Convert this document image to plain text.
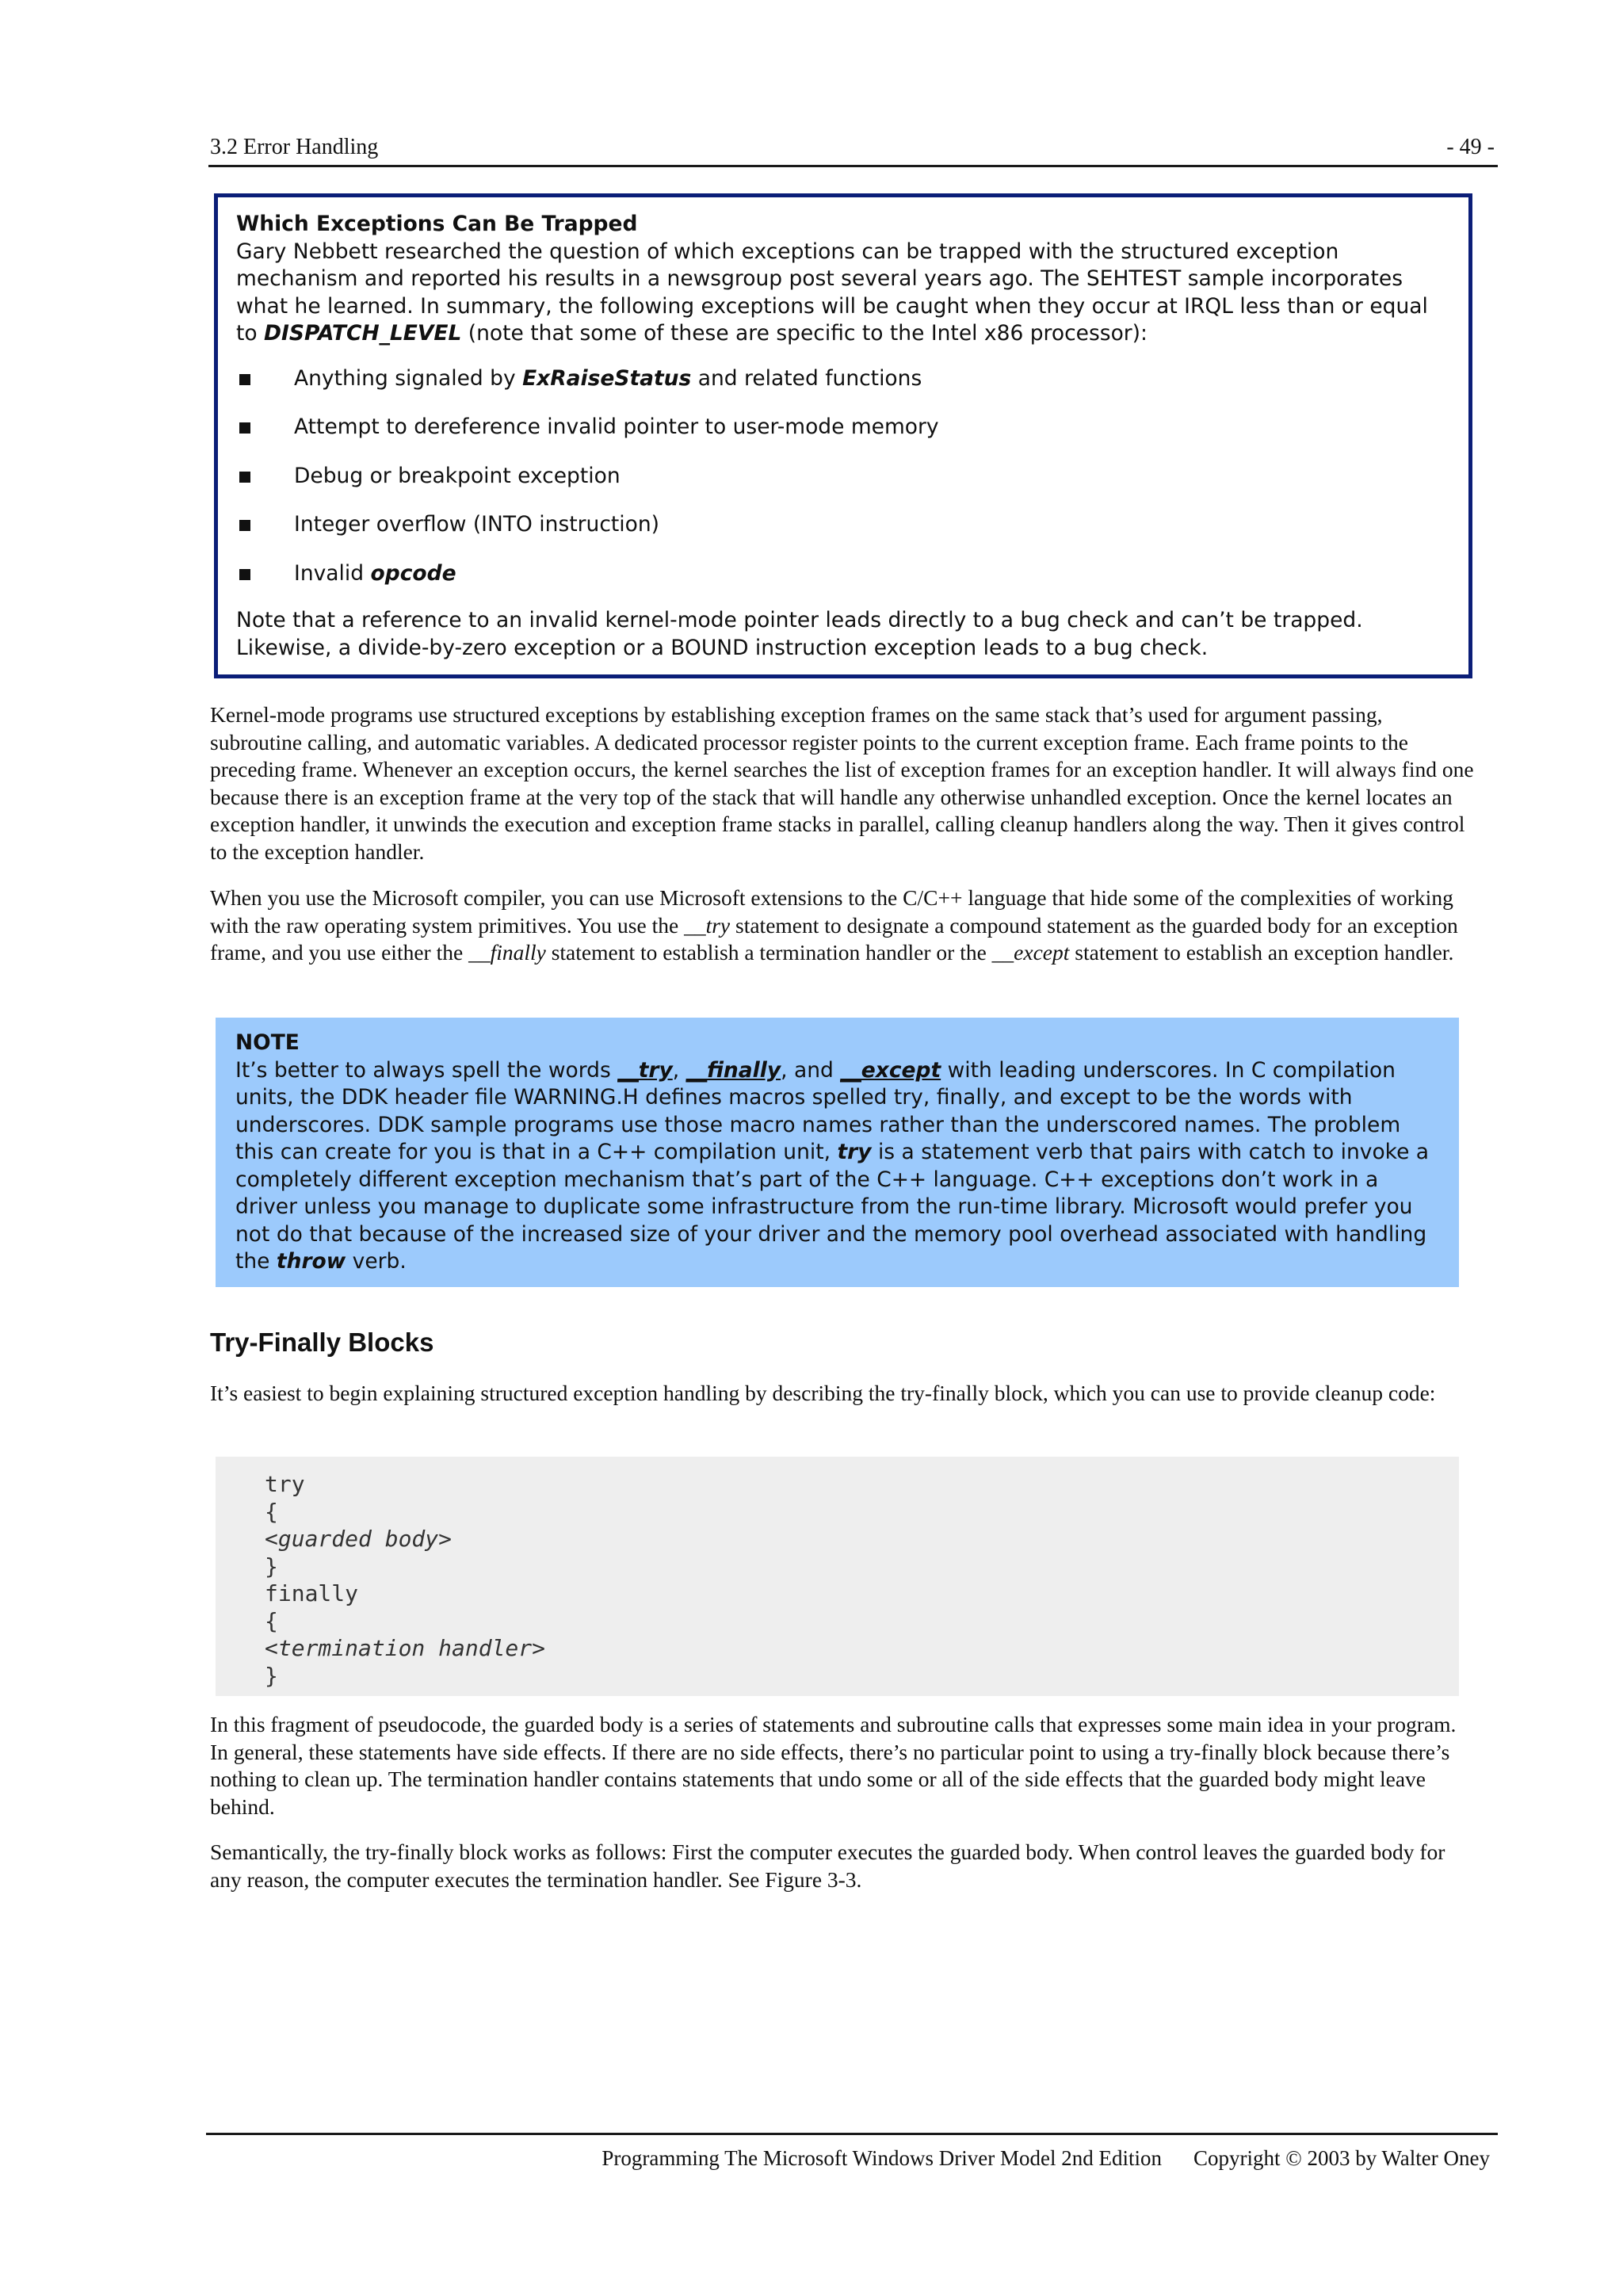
3.2 Error Handling	- 49 -
Which Exceptions Can Be Trapped
Gary Nebbett researched the question of which exceptions can be trapped with the structured exception mechanism and reported his results in a newsgroup post several years ago. The SEHTEST sample incorporates what he learned. In summary, the following exceptions will be caught when they occur at IRQL less than or equal to DISPATCH_LEVEL (note that some of these are specific to the Intel x86 processor):
Anything signaled by ExRaiseStatus and related functions
Attempt to dereference invalid pointer to user-mode memory
Debug or breakpoint exception
Integer overflow (INTO instruction)
Invalid opcode
Note that a reference to an invalid kernel-mode pointer leads directly to a bug check and can’t be trapped. Likewise, a divide-by-zero exception or a BOUND instruction exception leads to a bug check.

Kernel-mode programs use structured exceptions by establishing exception frames on the same stack that’s used for argument passing, subroutine calling, and automatic variables. A dedicated processor register points to the current exception frame. Each frame points to the preceding frame. Whenever an exception occurs, the kernel searches the list of exception frames for an exception handler. It will always find one because there is an exception frame at the very top of the stack that will handle any otherwise unhandled exception. Once the kernel locates an exception handler, it unwinds the execution and exception frame stacks in parallel, calling cleanup handlers along the way. Then it gives control to the exception handler.

When you use the Microsoft compiler, you can use Microsoft extensions to the C/C++ language that hide some of the complexities of working with the raw operating system primitives. You use the __try statement to designate a compound statement as the guarded body for an exception frame, and you use either the __finally statement to establish a termination handler or the __except statement to establish an exception handler.

NOTE
It’s better to always spell the words __try, __finally, and __except with leading underscores. In C compilation units, the DDK header file WARNING.H defines macros spelled try, finally, and except to be the words with underscores. DDK sample programs use those macro names rather than the underscored names. The problem this can create for you is that in a C++ compilation unit, try is a statement verb that pairs with catch to invoke a completely different exception mechanism that’s part of the C++ language. C++ exceptions don’t work in a driver unless you manage to duplicate some infrastructure from the run-time library. Microsoft would prefer you not do that because of the increased size of your driver and the memory pool overhead associated with handling the throw verb.
Try-Finally Blocks

It’s easiest to begin explaining structured exception handling by describing the try-finally block, which you can use to provide cleanup code:

try
{
<guarded body>
}
finally
{
<termination handler>
}

In this fragment of pseudocode, the guarded body is a series of statements and subroutine calls that expresses some main idea in your program. In general, these statements have side effects. If there are no side effects, there’s no particular point to using a try-finally block because there’s nothing to clean up. The termination handler contains statements that undo some or all of the side effects that the guarded body might leave behind.

Semantically, the try-finally block works as follows: First the computer executes the guarded body. When control leaves the guarded body for any reason, the computer executes the termination handler. See Figure 3-3.

Programming The Microsoft Windows Driver Model 2nd Edition Copyright © 2003 by Walter Oney
